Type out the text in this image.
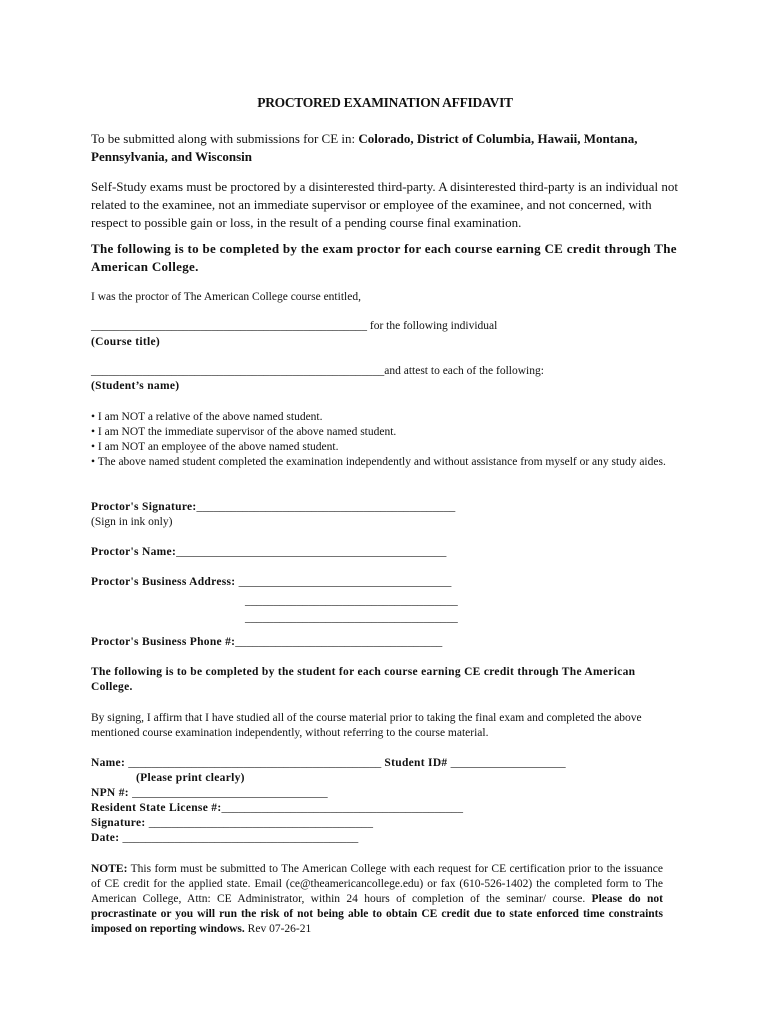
PROCTORED EXAMINATION AFFIDAVIT
To be submitted along with submissions for CE in: Colorado, District of Columbia, Hawaii, Montana,
Pennsylvania, and Wisconsin
Self-Study exams must be proctored by a disinterested third-party. A disinterested third-party is an individual not related to the examinee, not an immediate supervisor or employee of the examinee, and not concerned, with respect to possible gain or loss, in the result of a pending course final examination.
The following is to be completed by the exam proctor for each course earning CE credit through The American College.
I was the proctor of The American College course entitled,
________________________________________________ for the following individual
(Course title)
___________________________________________________and attest to each of the following:
(Student’s name)
• I am NOT a relative of the above named student.
• I am NOT the immediate supervisor of the above named student.
• I am NOT an employee of the above named student.
• The above named student completed the examination independently and without assistance from myself or any study aides.
Proctor's Signature:_____________________________________________
(Sign in ink only)
Proctor's Name:_______________________________________________
Proctor's Business Address: _____________________________________
_____________________________________
_____________________________________
Proctor's Business Phone #:____________________________________
The following is to be completed by the student for each course earning CE credit through The American College.
By signing, I affirm that I have studied all of the course material prior to taking the final exam and completed the above mentioned course examination independently, without referring to the course material.
Name: ____________________________________________ Student ID# ____________________
(Please print clearly)
NPN #: __________________________________
Resident State License #:__________________________________________
Signature: _______________________________________
Date: _________________________________________
NOTE: This form must be submitted to The American College with each request for CE certification prior to the issuance of CE credit for the applied state. Email (ce@theamericancollege.edu) or fax (610-526-1402) the completed form to The American College, Attn: CE Administrator, within 24 hours of completion of the seminar/ course. Please do not procrastinate or you will run the risk of not being able to obtain CE credit due to state enforced time constraints imposed on reporting windows. Rev 07-26-21
